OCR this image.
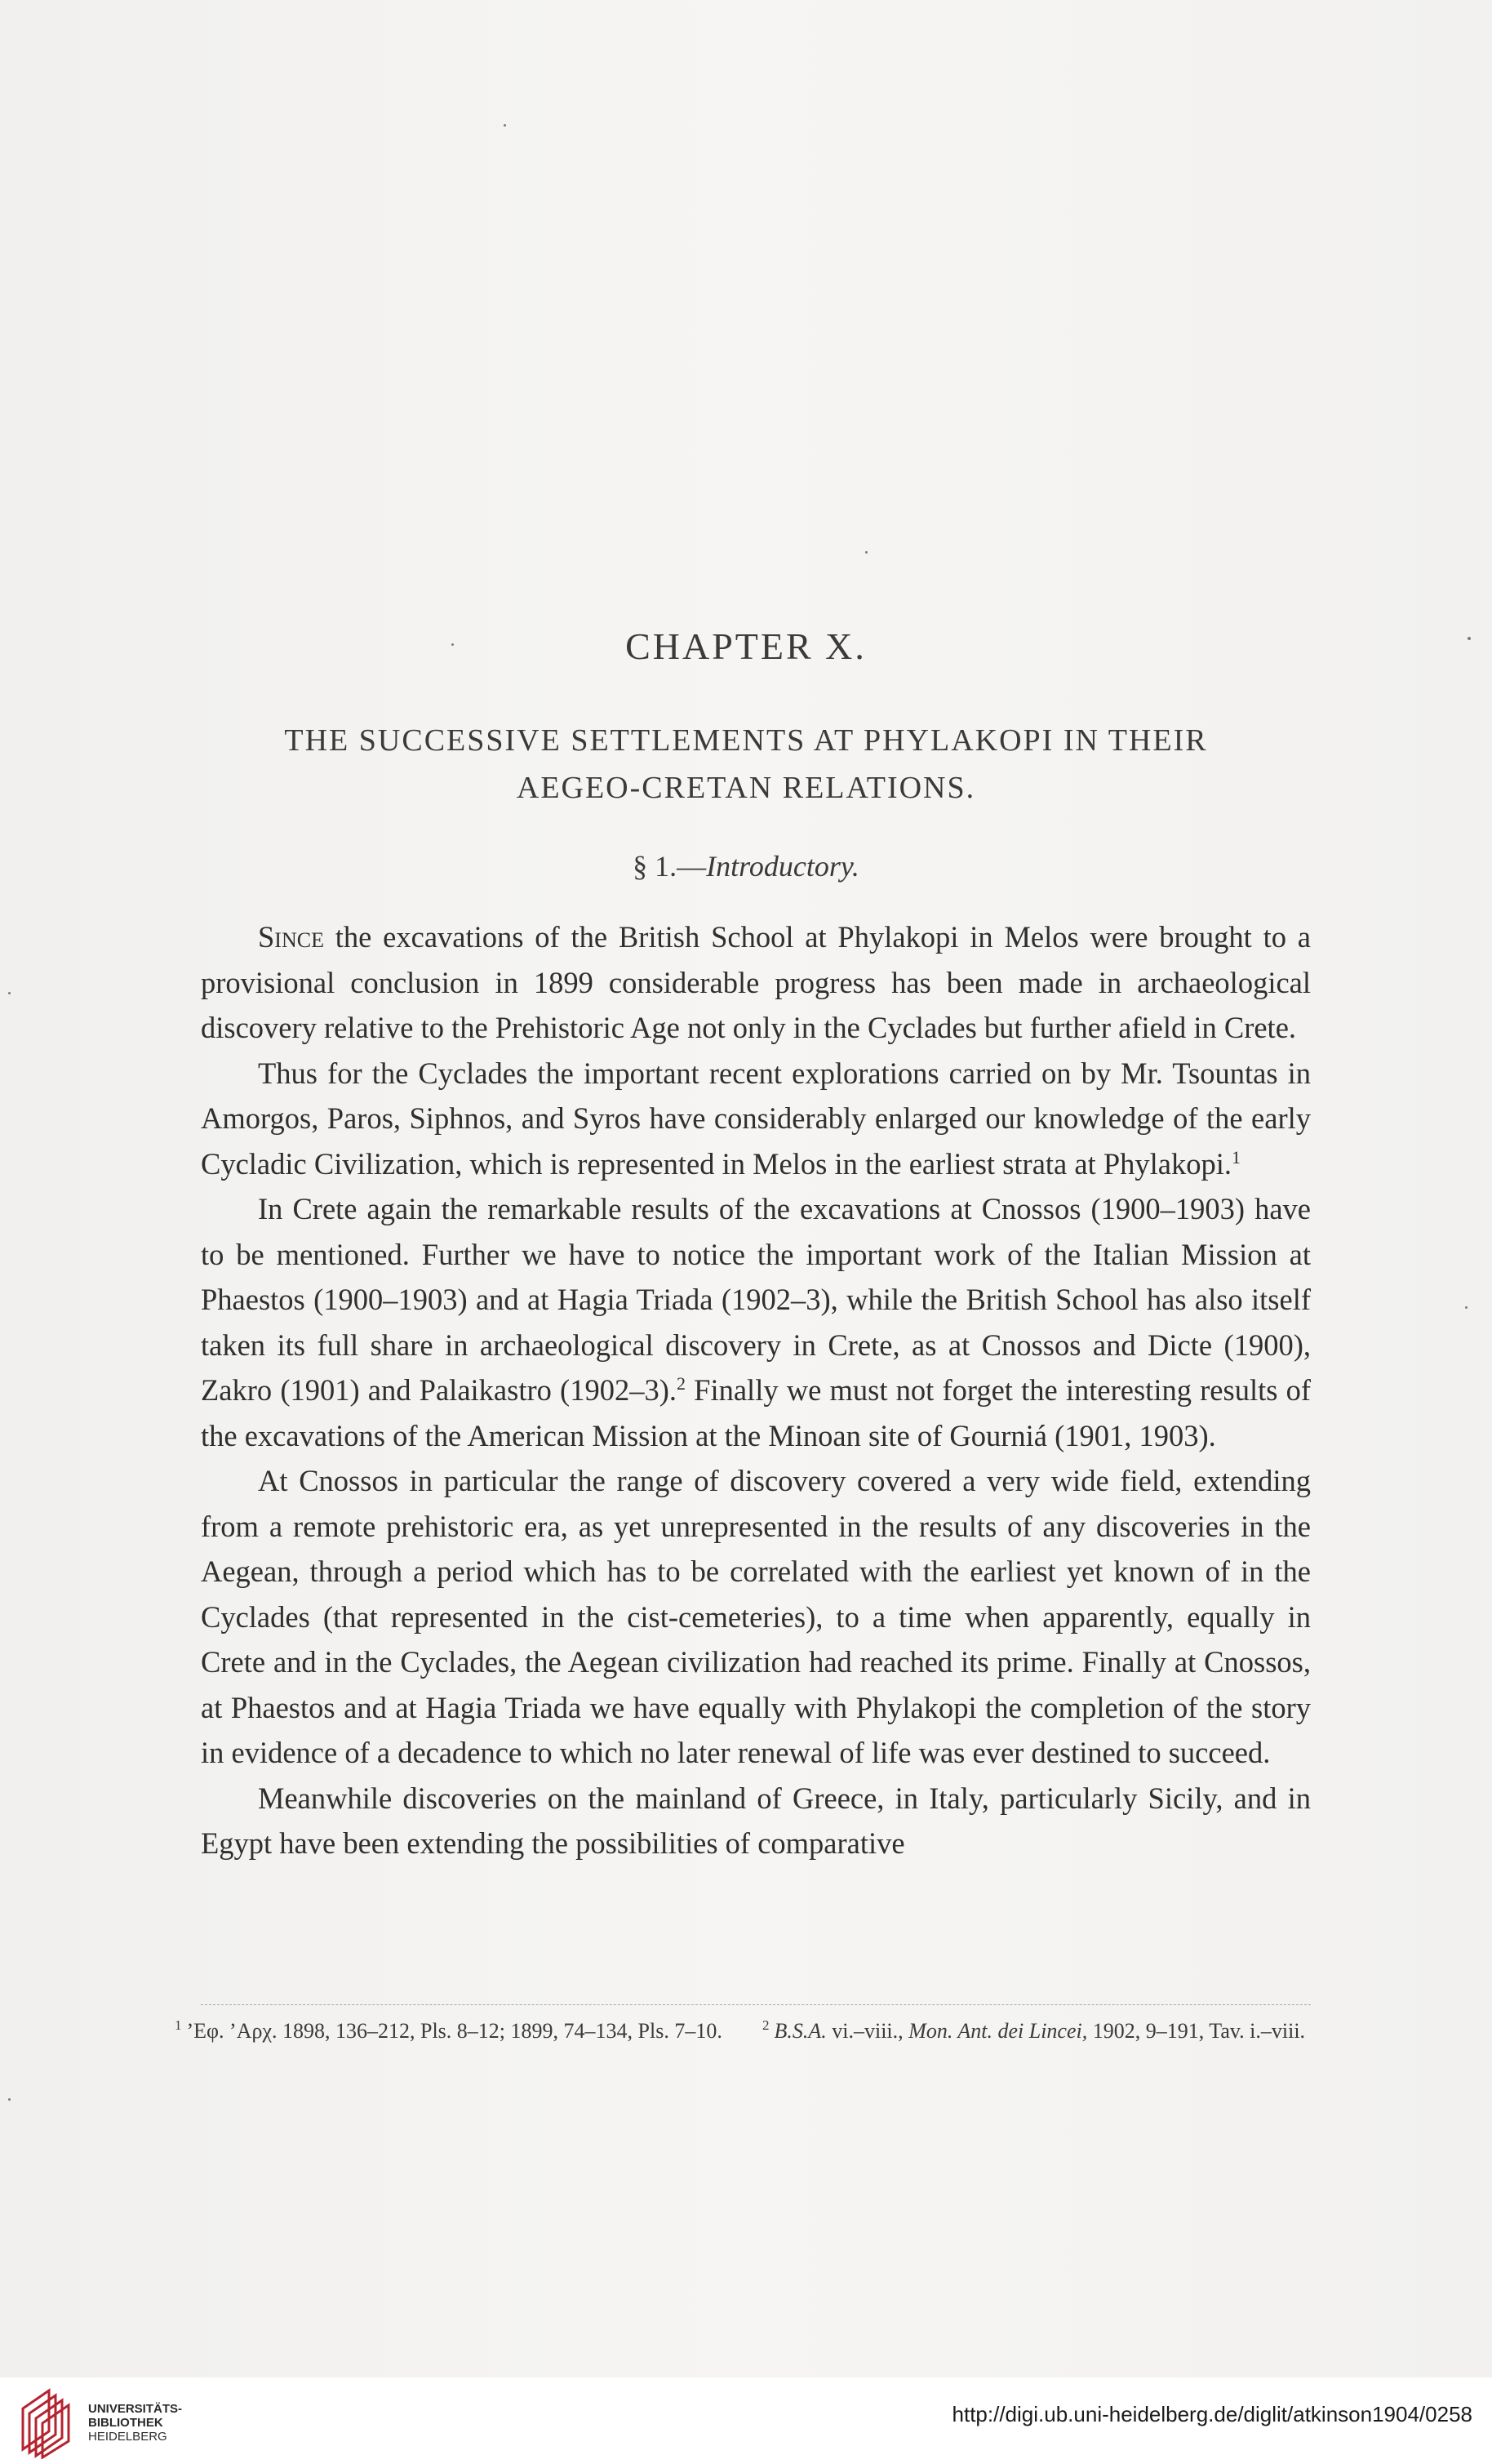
CHAPTER X.
THE SUCCESSIVE SETTLEMENTS AT PHYLAKOPI IN THEIR
AEGEO-CRETAN RELATIONS.
§ 1.—Introductory.

Since the excavations of the British School at Phylakopi in Melos were brought to a provisional conclusion in 1899 considerable progress has been made in archaeological discovery relative to the Prehistoric Age not only in the Cyclades but further afield in Crete.

Thus for the Cyclades the important recent explorations carried on by Mr. Tsountas in Amorgos, Paros, Siphnos, and Syros have considerably enlarged our knowledge of the early Cycladic Civilization, which is represented in Melos in the earliest strata at Phylakopi.$^1$

In Crete again the remarkable results of the excavations at Cnossos (1900–1903) have to be mentioned. Further we have to notice the important work of the Italian Mission at Phaestos (1900–1903) and at Hagia Triada (1902–3), while the British School has also itself taken its full share in archaeological discovery in Crete, as at Cnossos and Dicte (1900), Zakro (1901) and Palaikastro (1902–3).$^2$ Finally we must not forget the interesting results of the excavations of the American Mission at the Minoan site of Gourniá (1901, 1903).

At Cnossos in particular the range of discovery covered a very wide field, extending from a remote prehistoric era, as yet unrepresented in the results of any discoveries in the Aegean, through a period which has to be correlated with the earliest yet known of in the Cyclades (that represented in the cist-cemeteries), to a time when apparently, equally in Crete and in the Cyclades, the Aegean civilization had reached its prime. Finally at Cnossos, at Phaestos and at Hagia Triada we have equally with Phylakopi the completion of the story in evidence of a decadence to which no later renewal of life was ever destined to succeed.

Meanwhile discoveries on the mainland of Greece, in Italy, particularly Sicily, and in Egypt have been extending the possibilities of comparative

$^1$ ’Εφ. ’Αρχ. 1898, 136–212, Pls. 8–12; 1899, 74–134, Pls. 7–10.	$^2$ B.S.A. vi.–viii., Mon. Ant. dei Lincei, 1902, 9–191, Tav. i.–viii.
UNIVERSITÄTS-
BIBLIOTHEK
HEIDELBERG
http://digi.ub.uni-heidelberg.de/diglit/atkinson1904/0258
